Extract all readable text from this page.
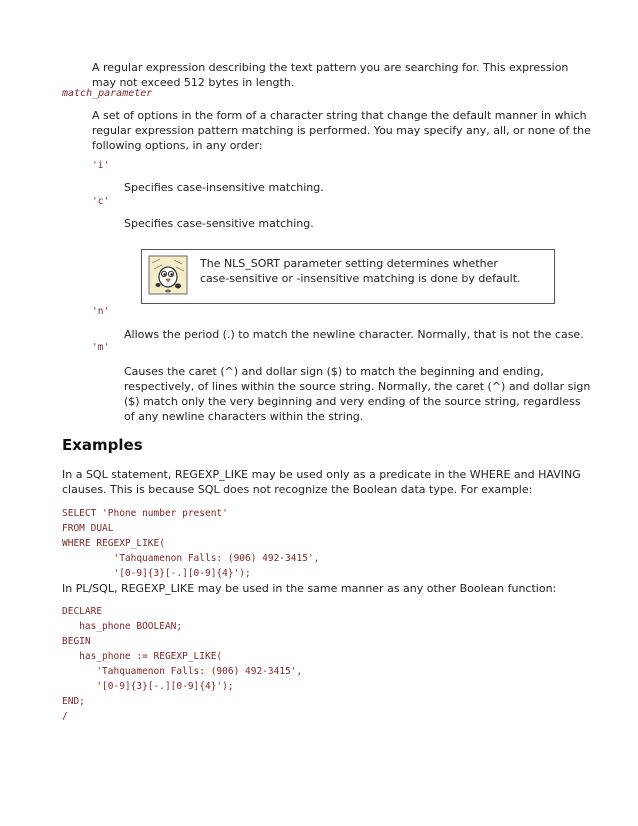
A regular expression describing the text pattern you are searching for. This expression may not exceed 512 bytes in length.
match_parameter
A set of options in the form of a character string that change the default manner in which regular expression pattern matching is performed. You may specify any, all, or none of the following options, in any order:
'i'
Specifies case-insensitive matching.
'c'
Specifies case-sensitive matching.
The NLS_SORT parameter setting determines whether case-sensitive or -insensitive matching is done by default.
'n'
Allows the period (.) to match the newline character. Normally, that is not the case.
'm'
Causes the caret (^) and dollar sign ($) to match the beginning and ending, respectively, of lines within the source string. Normally, the caret (^) and dollar sign ($) match only the very beginning and very ending of the source string, regardless of any newline characters within the string.
Examples
In a SQL statement, REGEXP_LIKE may be used only as a predicate in the WHERE and HAVING clauses. This is because SQL does not recognize the Boolean data type. For example:
SELECT 'Phone number present'
FROM DUAL
WHERE REGEXP_LIKE(
'Tahquamenon Falls: (906) 492-3415',
'[0-9]{3}[-.][0-9]{4}');
In PL/SQL, REGEXP_LIKE may be used in the same manner as any other Boolean function:
DECLARE
has_phone BOOLEAN;
BEGIN
has_phone := REGEXP_LIKE(
'Tahquamenon Falls: (906) 492-3415',
'[0-9]{3}[-.][0-9]{4}');
END;
/
